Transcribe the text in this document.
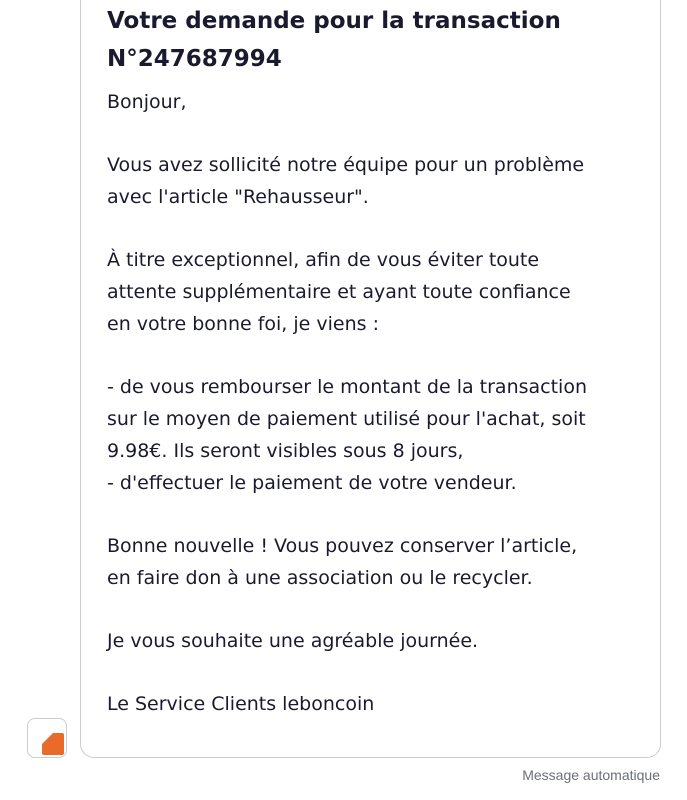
Votre demande pour la transaction
N°247687994

Bonjour,

Vous avez sollicité notre équipe pour un problème

avec l'article "Rehausseur".

À titre exceptionnel, afin de vous éviter toute

attente supplémentaire et ayant toute confiance

en votre bonne foi, je viens :

- de vous rembourser le montant de la transaction

sur le moyen de paiement utilisé pour l'achat, soit

9.98€. Ils seront visibles sous 8 jours,

- d'effectuer le paiement de votre vendeur.

Bonne nouvelle ! Vous pouvez conserver l’article,

en faire don à une association ou le recycler.

Je vous souhaite une agréable journée.

Le Service Clients leboncoin

Message automatique
